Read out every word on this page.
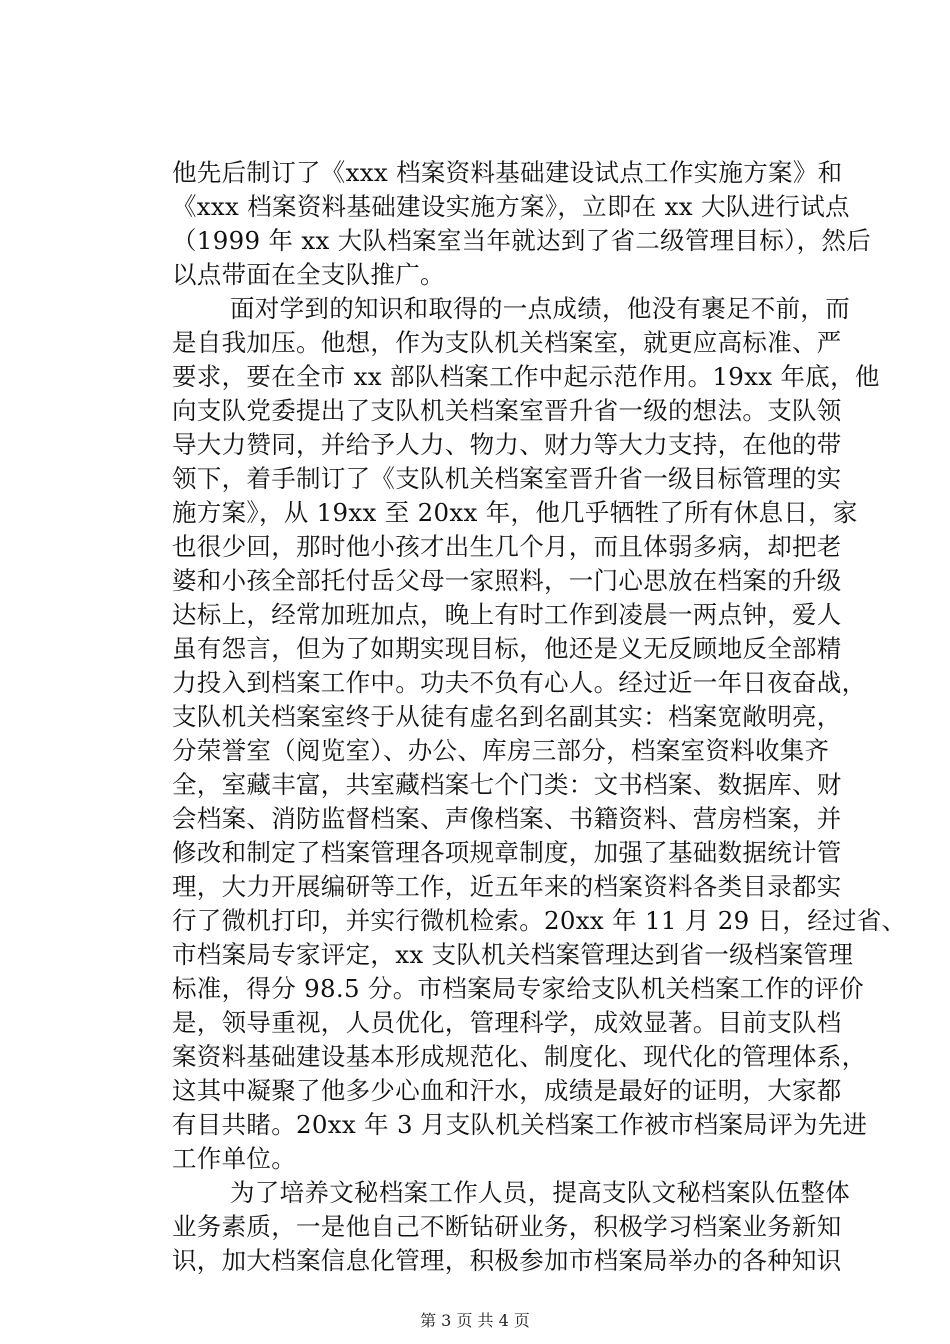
他先后制订了《xxx 档案资料基础建设试点工作实施方案》和
《xxx 档案资料基础建设实施方案》，立即在 xx 大队进行试点
（1999 年 xx 大队档案室当年就达到了省二级管理目标），然后
以点带面在全支队推广。
面对学到的知识和取得的一点成绩，他没有裹足不前，而
是自我加压。他想，作为支队机关档案室，就更应高标准、严
要求，要在全市 xx 部队档案工作中起示范作用。19xx 年底，他
向支队党委提出了支队机关档案室晋升省一级的想法。支队领
导大力赞同，并给予人力、物力、财力等大力支持，在他的带
领下，着手制订了《支队机关档案室晋升省一级目标管理的实
施方案》，从 19xx 至 20xx 年，他几乎牺牲了所有休息日，家
也很少回，那时他小孩才出生几个月，而且体弱多病，却把老
婆和小孩全部托付岳父母一家照料，一门心思放在档案的升级
达标上，经常加班加点，晚上有时工作到凌晨一两点钟，爱人
虽有怨言，但为了如期实现目标，他还是义无反顾地反全部精
力投入到档案工作中。功夫不负有心人。经过近一年日夜奋战，
支队机关档案室终于从徒有虚名到名副其实：档案宽敞明亮，
分荣誉室（阅览室）、办公、库房三部分，档案室资料收集齐
全，室藏丰富，共室藏档案七个门类：文书档案、数据库、财
会档案、消防监督档案、声像档案、书籍资料、营房档案，并
修改和制定了档案管理各项规章制度，加强了基础数据统计管
理，大力开展编研等工作，近五年来的档案资料各类目录都实
行了微机打印，并实行微机检索。20xx 年 11 月 29 日，经过省、
市档案局专家评定，xx 支队机关档案管理达到省一级档案管理
标准，得分 98.5 分。市档案局专家给支队机关档案工作的评价
是，领导重视，人员优化，管理科学，成效显著。目前支队档
案资料基础建设基本形成规范化、制度化、现代化的管理体系，
这其中凝聚了他多少心血和汗水，成绩是最好的证明，大家都
有目共睹。20xx 年 3 月支队机关档案工作被市档案局评为先进
工作单位。
为了培养文秘档案工作人员，提高支队文秘档案队伍整体
业务素质，一是他自己不断钻研业务，积极学习档案业务新知
识，加大档案信息化管理，积极参加市档案局举办的各种知识
第 3 页 共 4 页
